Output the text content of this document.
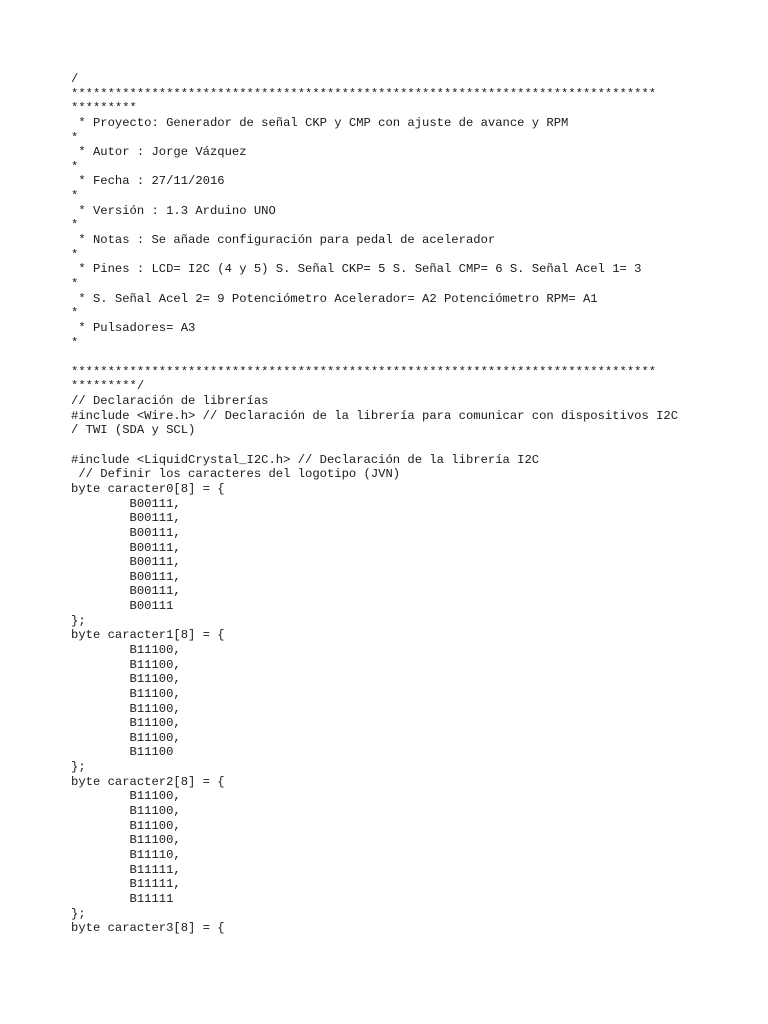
/
********************************************************************************
*********
* Proyecto: Generador de señal CKP y CMP con ajuste de avance y RPM
*
* Autor : Jorge Vázquez
*
* Fecha : 27/11/2016
*
* Versión : 1.3 Arduino UNO
*
* Notas : Se añade configuración para pedal de acelerador
*
* Pines : LCD= I2C (4 y 5) S. Señal CKP= 5 S. Señal CMP= 6 S. Señal Acel 1= 3
*
* S. Señal Acel 2= 9 Potenciómetro Acelerador= A2 Potenciómetro RPM= A1
*
* Pulsadores= A3
*
********************************************************************************
*********/
// Declaración de librerías
#include <Wire.h> // Declaración de la librería para comunicar con dispositivos I2C
/ TWI (SDA y SCL)
#include <LiquidCrystal_I2C.h> // Declaración de la librería I2C
// Definir los caracteres del logotipo (JVN)
byte caracter0[8] = {
B00111,
B00111,
B00111,
B00111,
B00111,
B00111,
B00111,
B00111
};
byte caracter1[8] = {
B11100,
B11100,
B11100,
B11100,
B11100,
B11100,
B11100,
B11100
};
byte caracter2[8] = {
B11100,
B11100,
B11100,
B11100,
B11110,
B11111,
B11111,
B11111
};
byte caracter3[8] = {
